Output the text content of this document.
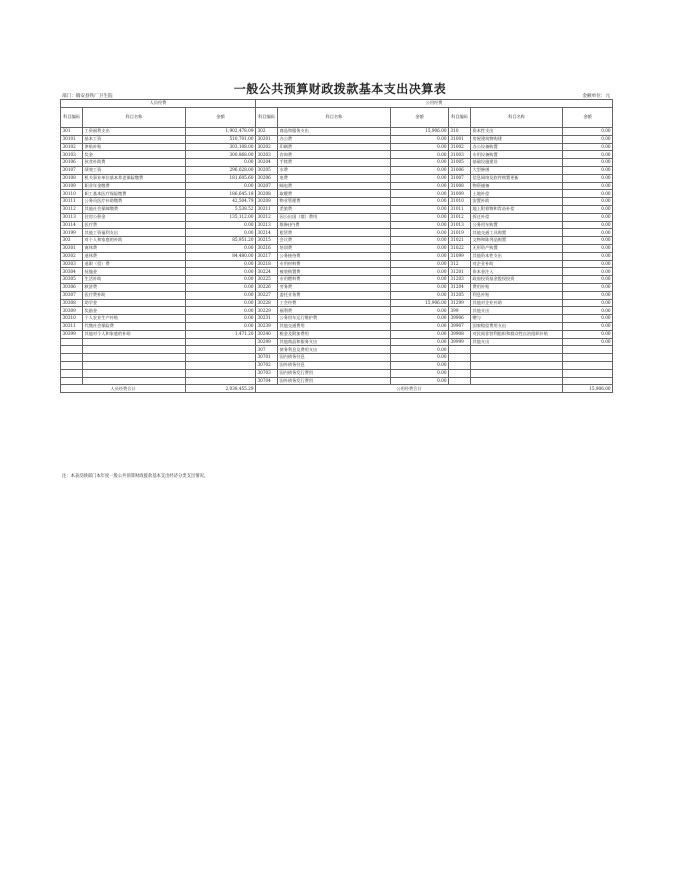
一般公共预算财政拨款基本支出决算表
部门：镇安县铁厂卫生院	金额单位：元
人员经费			公用经费					
科目编码	科目名称	金额	科目编码	科目名称	金额	科目编码	科目名称	金额
301	工资福利支出	1,902,478.09	302	商品和服务支出	15,906.00	310	资本性支出	0.00
30101	基本工资	510,701.00	30201	办公费	0.00	31001	房屋建筑物购建	0.00
30102	津贴补贴	303,108.00	30202	印刷费	0.00	31002	办公设备购置	0.00
30103	奖金	300,868.00	30203	咨询费	0.00	31003	专用设备购置	0.00
30106	伙食补助费	0.00	30204	手续费	0.00	31005	基础设施建设	0.00
30107	绩效工资	296,028.00	30205	水费	0.00	31006	大型修缮	0.00
30108	机关事业单位基本养老保险缴费	181,605.60	30206	电费	0.00	31007	信息网络及软件购置更新	0.00
30109	职业年金缴费	0.00	30207	邮电费	0.00	31008	物资储备	0.00
30110	职工基本医疗保险缴费	186,645.18	30208	取暖费	0.00	31009	土地补偿	0.00
30111	公务员医疗补助缴费	42,504.79	30209	物业管理费	0.00	31010	安置补助	0.00
30112	其他社会保障缴费	5,538.52	30211	差旅费	0.00	31011	地上附着物和青苗补偿	0.00
30113	住房公积金	135,112.00	30212	因公出国（境）费用	0.00	31012	拆迁补偿	0.00
30114	医疗费	0.00	30213	维修(护)费	0.00	31013	公务用车购置	0.00
30199	其他工资福利支出	0.00	30214	租赁费	0.00	31019	其他交通工具购置	0.00
303	对个人和家庭的补助	85,951.20	30215	会议费	0.00	31021	文物和陈列品购置	0.00
30301	离休费	0.00	30216	培训费	0.00	31022	无形资产购置	0.00
30302	退休费	84,480.00	30217	公务接待费	0.00	31099	其他资本性支出	0.00
30303	退职（役）费	0.00	30218	专用材料费	0.00	312	对企业补助	0.00
30304	抚恤金	0.00	30224	被装购置费	0.00	31201	资本金注入	0.00
30305	生活补助	0.00	30225	专用燃料费	0.00	31203	政府投资基金股权投资	0.00
30306	救济费	0.00	30226	劳务费	0.00	31204	费用补贴	0.00
30307	医疗费补助	0.00	30227	委托业务费	0.00	31205	利息补贴	0.00
30308	助学金	0.00	30228	工会经费	15,906.00	31299	其他对企业补助	0.00
30309	奖励金	0.00	30229	福利费	0.00	399	其他支出	0.00
30310	个人农业生产补贴	0.00	30231	公务用车运行维护费	0.00	39906	赠与	0.00
30311	代缴社会保险费	0.00	30239	其他交通费用	0.00	39907	国家赔偿费用支出	0.00
30399	其他对个人和家庭的补助	1,471.20	30240	税金及附加费用	0.00	39908	对民间非营利组织和群众性自治组织补贴	0.00
			30299	其他商品和服务支出	0.00	39999	其他支出	0.00
			307	债务利息及费用支出	0.00			
			30701	国内债务付息	0.00			
			30702	国外债务付息	0.00			
			30703	国内债务发行费用	0.00			
			30704	国外债务发行费用	0.00			
人员经费合计		2,038,455.29	公用经费合计					15,906.00
注：本表反映部门本年度一般公共预算财政拨款基本支出经济分类支出情况。
